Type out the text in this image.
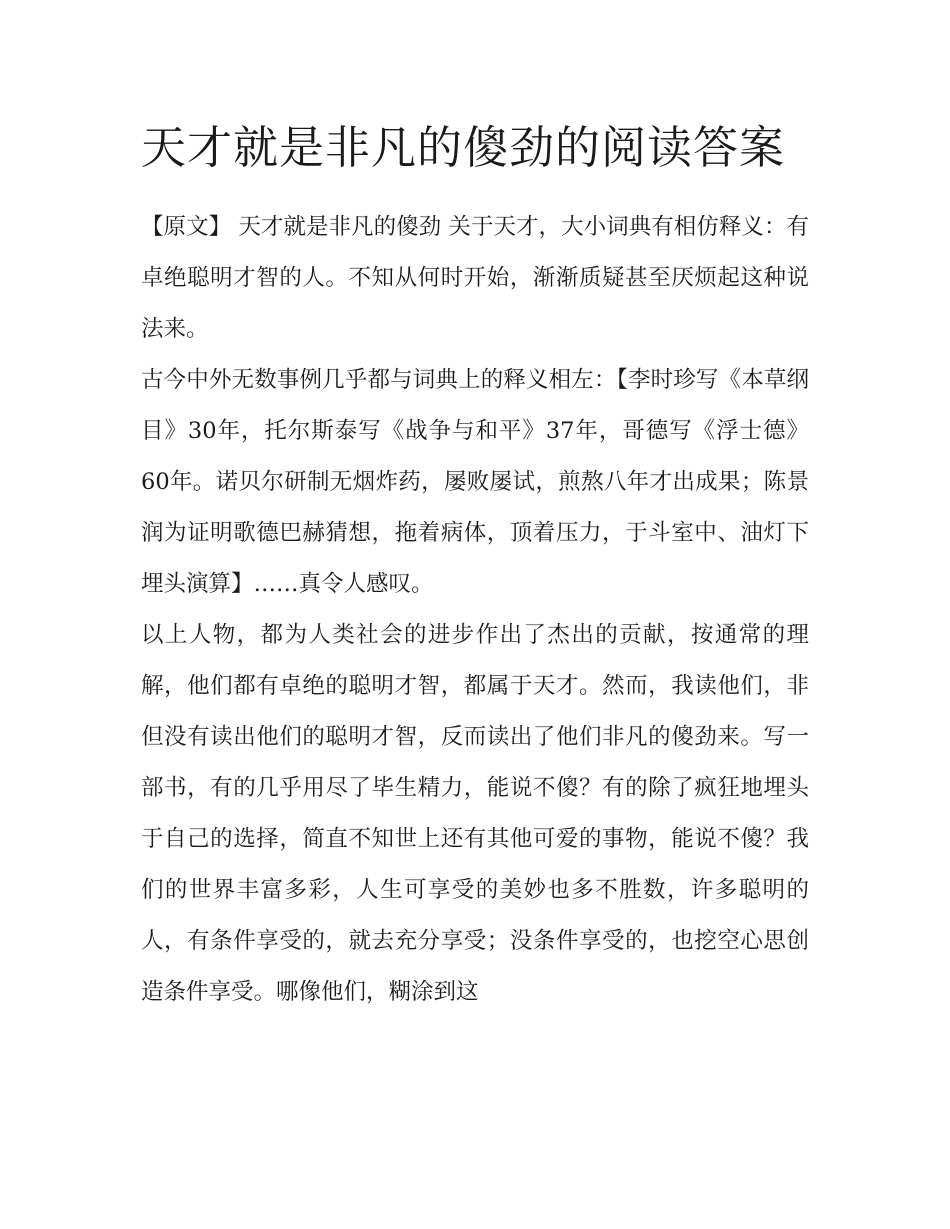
天才就是非凡的傻劲的阅读答案

【原文】 天才就是非凡的傻劲 关于天才，大小词典有相仿释义：有卓绝聪明才智的人。不知从何时开始，渐渐质疑甚至厌烦起这种说法来。

古今中外无数事例几乎都与词典上的释义相左：【李时珍写《本草纲目》30年，托尔斯泰写《战争与和平》37年，哥德写《浮士德》60年。诺贝尔研制无烟炸药，屡败屡试，煎熬八年才出成果；陈景润为证明歌德巴赫猜想，拖着病体，顶着压力，于斗室中、油灯下埋头演算】……真令人感叹。

以上人物，都为人类社会的进步作出了杰出的贡献，按通常的理解，他们都有卓绝的聪明才智，都属于天才。然而，我读他们，非但没有读出他们的聪明才智，反而读出了他们非凡的傻劲来。写一部书，有的几乎用尽了毕生精力，能说不傻？有的除了疯狂地埋头于自己的选择，简直不知世上还有其他可爱的事物，能说不傻？我们的世界丰富多彩，人生可享受的美妙也多不胜数，许多聪明的人，有条件享受的，就去充分享受；没条件享受的，也挖空心思创造条件享受。哪像他们，糊涂到这
